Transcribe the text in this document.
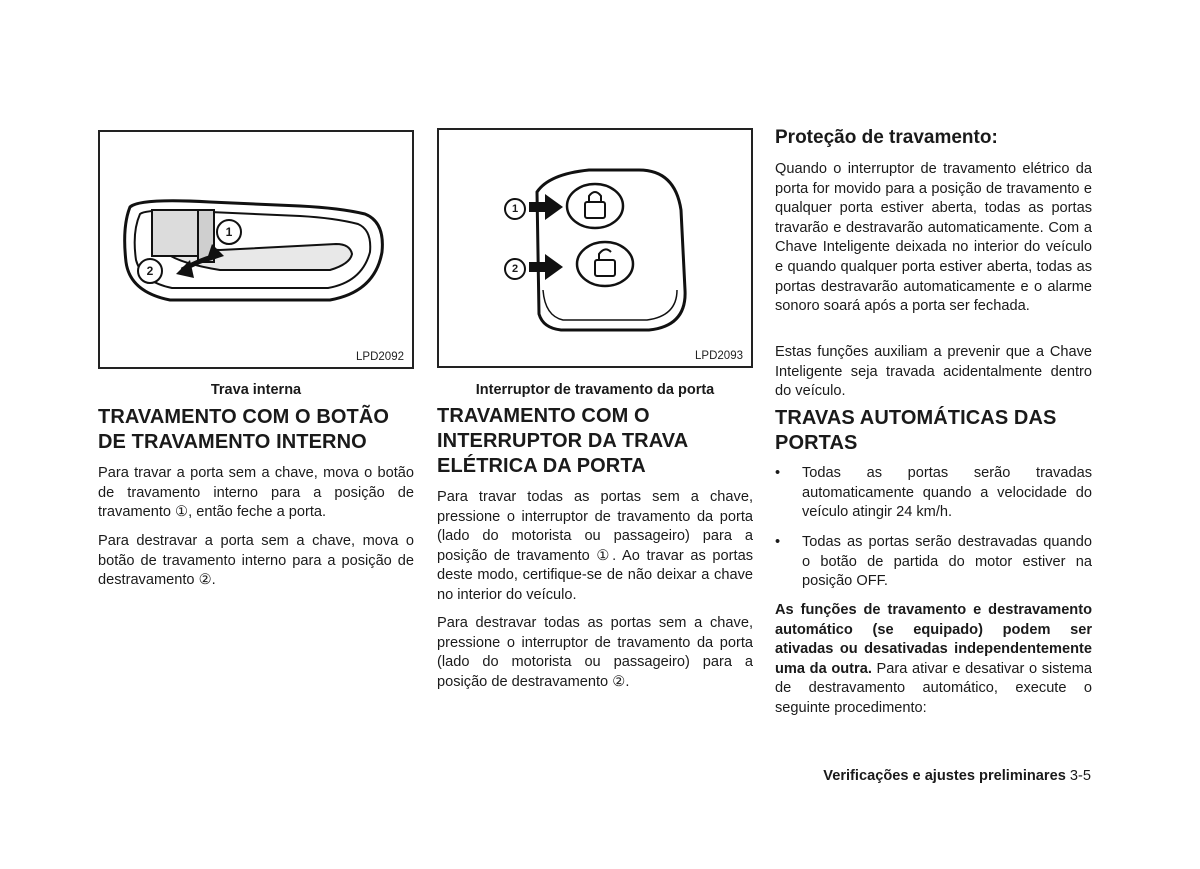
1
2
LPD2092
Trava interna
TRAVAMENTO COM O BOTÃO
DE TRAVAMENTO INTERNO

Para travar a porta sem a chave, mova o botão de travamento interno para a posição de travamento ①, então feche a porta.

Para destravar a porta sem a chave, mova o botão de travamento interno para a posição de destravamento ②.

1
2
LPD2093
Interruptor de travamento da porta
TRAVAMENTO COM O
INTERRUPTOR DA TRAVA
ELÉTRICA DA PORTA

Para travar todas as portas sem a chave, pressione o interruptor de travamento da porta (lado do motorista ou passageiro) para a posição de travamento ①. Ao travar as portas deste modo, certifique-se de não deixar a chave no interior do veículo.

Para destravar todas as portas sem a chave, pressione o interruptor de travamento da porta (lado do motorista ou passageiro) para a posição de destravamento ②.

Proteção de travamento:

Quando o interruptor de travamento elétrico da porta for movido para a posição de travamento e qualquer porta estiver aberta, todas as portas travarão e destravarão automaticamente. Com a Chave Inteligente deixada no interior do veículo e quando qualquer porta estiver aberta, todas as portas destravarão automaticamente e o alarme sonoro soará após a porta ser fechada.

Estas funções auxiliam a prevenir que a Chave Inteligente seja travada acidentalmente dentro do veículo.

TRAVAS AUTOMÁTICAS DAS
PORTAS
• Todas as portas serão travadas automaticamente quando a velocidade do veículo atingir 24 km/h.
• Todas as portas serão destravadas quando o botão de partida do motor estiver na posição OFF.

As funções de travamento e destravamento automático (se equipado) podem ser ativadas ou desativadas independentemente uma da outra. Para ativar e desativar o sistema de destravamento automático, execute o seguinte procedimento:

Verificações e ajustes preliminares 3-5
